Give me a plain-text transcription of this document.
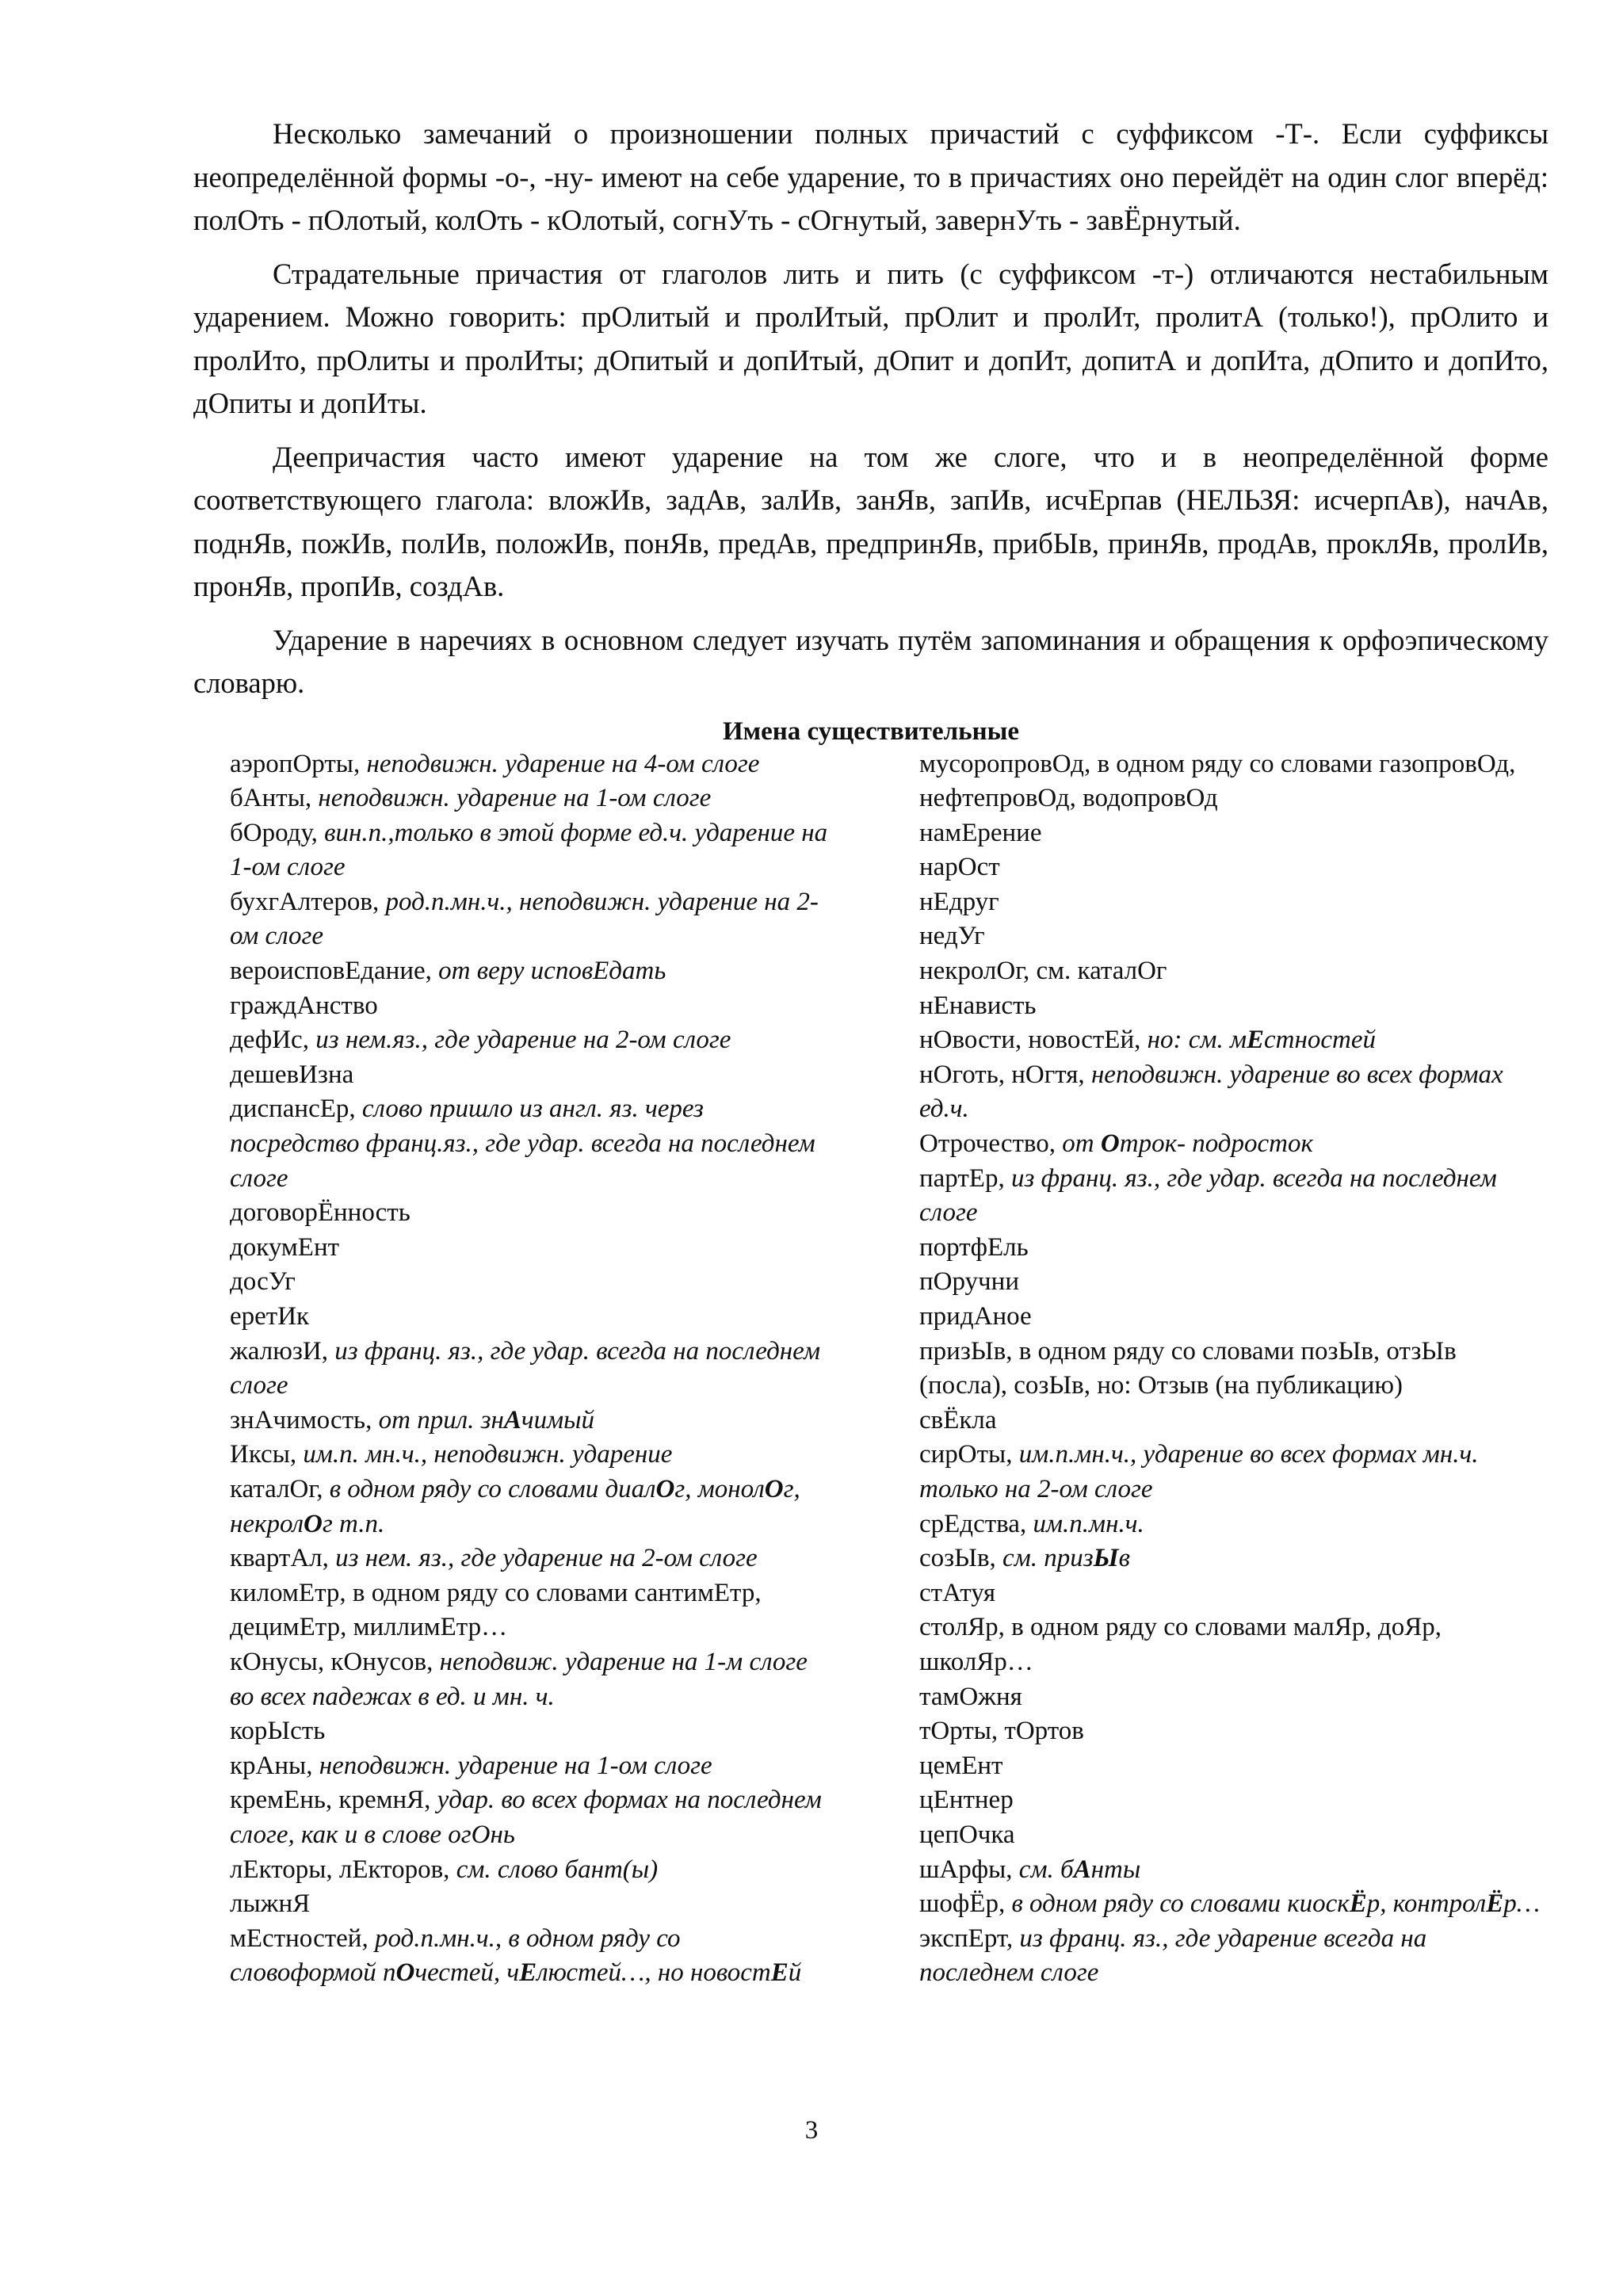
Несколько замечаний о произношении полных причастий с суффиксом -Т-. Если суффиксы неопределённой формы -о-, -ну- имеют на себе ударение, то в причастиях оно перейдёт на один слог вперёд: полОть - пОлотый, колОть - кОлотый, согнУть - сОгнутый, завернУть - завЁрнутый.

Страдательные причастия от глаголов лить и пить (с суффиксом -т-) отличаются нестабильным ударением. Можно говорить: прОлитый и пролИтый, прОлит и пролИт, пролитА (только!), прОлито и пролИто, прОлиты и пролИты; дОпитый и допИтый, дОпит и допИт, допитА и допИта, дОпито и допИто, дОпиты и допИты.

Деепричастия часто имеют ударение на том же слоге, что и в неопределённой форме соответствующего глагола: вложИв, задАв, залИв, занЯв, запИв, исчЕрпав (НЕЛЬЗЯ: исчерпАв), начАв, поднЯв, пожИв, полИв, положИв, понЯв, предАв, предпринЯв, прибЫв, принЯв, продАв, проклЯв, пролИв, пронЯв, пропИв, создАв.

Ударение в наречиях в основном следует изучать путём запоминания и обращения к орфоэпическому словарю.

Имена существительные
аэропОрты, неподвижн. ударение на 4-ом слоге
бАнты, неподвижн. ударение на 1-ом слоге
бОроду, вин.п.,только в этой форме ед.ч. ударение на 1-ом слоге
бухгАлтеров, род.п.мн.ч., неподвижн. ударение на 2-ом слоге
вероисповЕдание, от веру исповЕдать
граждАнство
дефИс, из нем.яз., где ударение на 2-ом слоге
дешевИзна
диспансЕр, слово пришло из англ. яз. через посредство франц.яз., где удар. всегда на последнем слоге
договорЁнность
докумЕнт
досУг
еретИк
жалюзИ, из франц. яз., где удар. всегда на последнем слоге
знАчимость, от прил. знАчимый
Иксы, им.п. мн.ч., неподвижн. ударение
каталОг, в одном ряду со словами диалОг, монолОг, некролОг т.п.
квартАл, из нем. яз., где ударение на 2-ом слоге
киломЕтр, в одном ряду со словами сантимЕтр, децимЕтр, миллимЕтр…
кОнусы, кОнусов, неподвиж. ударение на 1-м слоге во всех падежах в ед. и мн. ч.
корЫсть
крАны, неподвижн. ударение на 1-ом слоге
кремЕнь, кремнЯ, удар. во всех формах на последнем слоге, как и в слове огОнь
лЕкторы, лЕкторов, см. слово бант(ы)
лыжнЯ
мЕстностей, род.п.мн.ч., в одном ряду со словоформой пОчестей, чЕлюстей…, но новостЕй
мусоропровОд, в одном ряду со словами газопровОд, нефтепровОд, водопровОд
намЕрение
нарОст
нЕдруг
недУг
некролОг, см. каталОг
нЕнависть
нОвости, новостЕй, но: см. мЕстностей
нОготь, нОгтя, неподвижн. ударение во всех формах ед.ч.
Отрочество, от Отрок- подросток
партЕр, из франц. яз., где удар. всегда на последнем слоге
портфЕль
пОручни
придАное
призЫв, в одном ряду со словами позЫв, отзЫв (посла), созЫв, но: Отзыв (на публикацию)
свЁкла
сирОты, им.п.мн.ч., ударение во всех формах мн.ч. только на 2-ом слоге
срЕдства, им.п.мн.ч.
созЫв, см. призЫв
стАтуя
столЯр, в одном ряду со словами малЯр, доЯр, школЯр…
тамОжня
тОрты, тОртов
цемЕнт
цЕнтнер
цепОчка
шАрфы, см. бАнты
шофЁр, в одном ряду со словами киоскЁр, контролЁр…
экспЕрт, из франц. яз., где ударение всегда на последнем слоге
3
